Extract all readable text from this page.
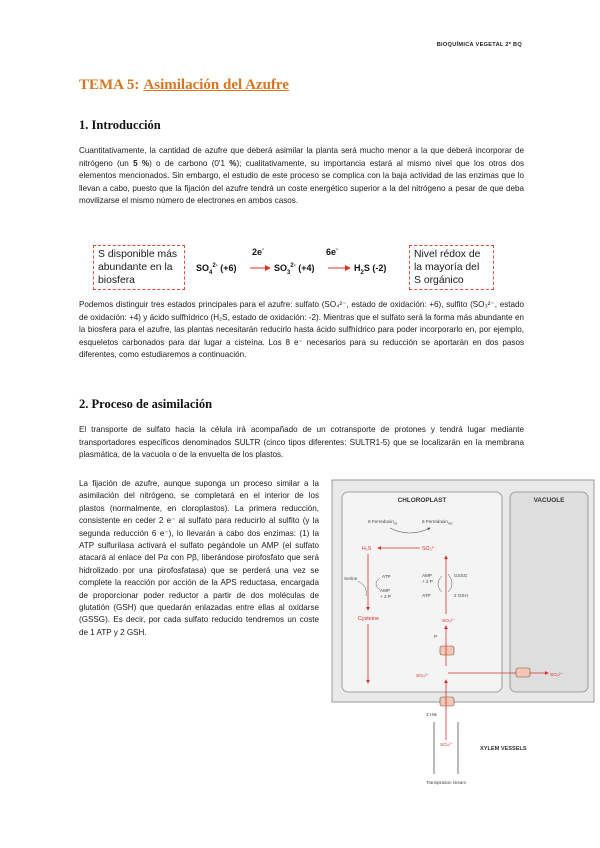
BIOQUÍMICA VEGETAL 2º BQ
TEMA 5: Asimilación del Azufre
1. Introducción
Cuantitativamente, la cantidad de azufre que deberá asimilar la planta será mucho menor a la que deberá incorporar de nitrógeno (un 5 %) o de carbono (0'1 %); cualitativamente, su importancia estará al mismo nivel que los otros dos elementos mencionados. Sin embargo, el estudio de este proceso se complica con la baja actividad de las enzimas que lo llevan a cabo, puesto que la fijación del azufre tendrá un coste energético superior a la del nitrógeno a pesar de que deba movilizarse el mismo número de electrones en ambos casos.
S disponible más abundante en la biosfera
Nivel rédox de la mayoría del S orgánico
2e-	6e-
$SO_4^{2-}$ (+6)	$SO_3^{2-}$ (+4)	$H_2S$ (-2)
Podemos distinguir tres estados principales para el azufre: sulfato (SO₄²⁻, estado de oxidación: +6), sulfito (SO₃²⁻, estado de oxidación: +4) y ácido sulfhídrico (H₂S, estado de oxidación: -2). Mientras que el sulfato será la forma más abundante en la biosfera para el azufre, las plantas necesitarán reducirlo hasta ácido sulfhídrico para poder incorporarlo en, por ejemplo, esqueletos carbonados para dar lugar a cisteína. Los 8 e⁻ necesarios para su reducción se aportarán en dos pasos diferentes, como estudiaremos a continuación.
2. Proceso de asimilación
El transporte de sulfato hacia la célula irá acompañado de un cotransporte de protones y tendrá lugar mediante transportadores específicos denominados SULTR (cinco tipos diferentes: SULTR1-5) que se localizarán en la membrana plasmática, de la vacuola o de la envuelta de los plastos.
La fijación de azufre, aunque suponga un proceso similar a la asimilación del nitrógeno, se completará en el interior de los plastos (normalmente, en cloroplastos). La primera reducción, consistente en ceder 2 e⁻ al sulfato para reducirlo al sulfito (y la segunda reducción 6 e⁻), lo llevarán a cabo dos enzimas: (1) la ATP sulfurilasa activará el sulfato pegándole un AMP (el sulfato atacará al enlace del Pα con Pβ, liberándose pirofosfato que será hidrolizado por una pirofosfatasa) que se perderá una vez se complete la reacción por acción de la APS reductasa, encargada de proporcionar poder reductor a partir de dos moléculas de glutatión (GSH) que quedarán enlazadas entre ellas al oxidarse (GSSG). Es decir, por cada sulfato reducido tendremos un coste de 1 ATP y 2 GSH.
CHLOROPLAST	VACUOLE
6 Ferredoxin$_{ox}$	6 Ferredoxin$_{red}$
H₂S	SO₃²⁻
Serine	ATP
AMP
+ 2 P
Cysteine
AMP
+ 2 P
GSSG
ATP	2 GSH
SO₄²⁻
P
SO₄²⁻	SO₄²⁻
3 H⊕
SO₄²⁻
XYLEM VESSELS
Transpiration stream
